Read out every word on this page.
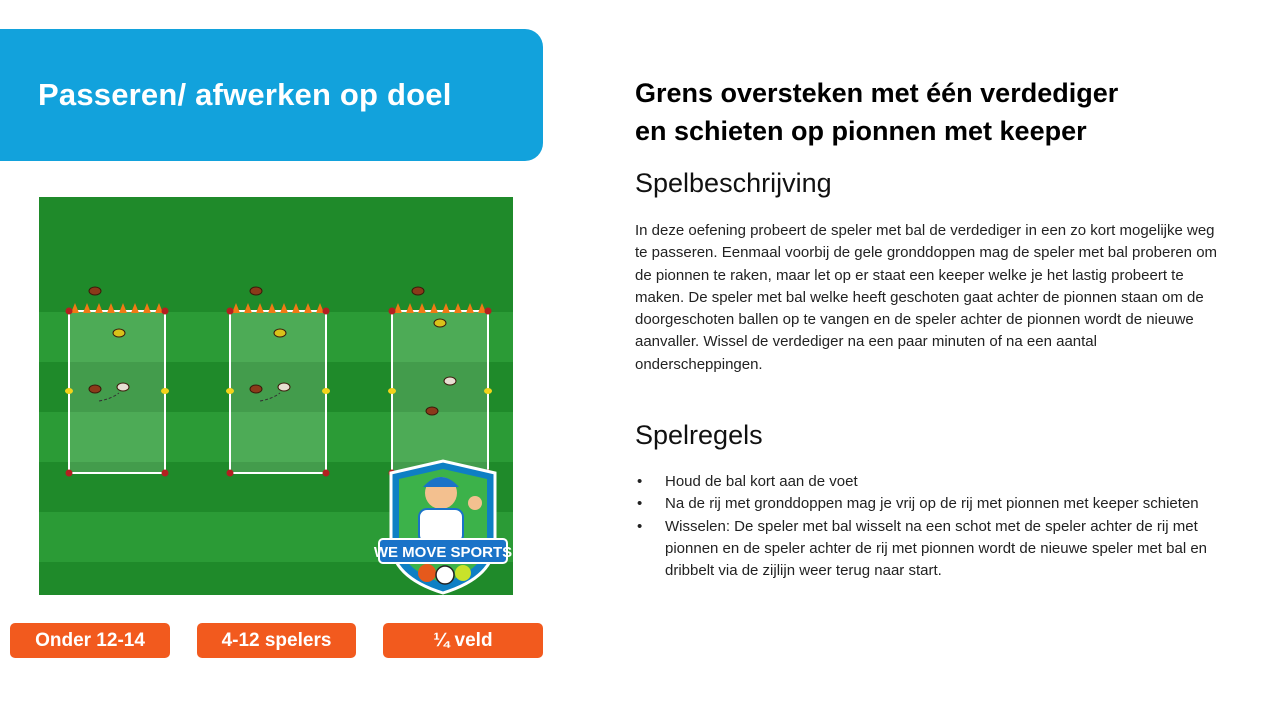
Passeren/ afwerken op doel
WE MOVE SPORTS
Onder 12-14	4-12 spelers	¼ veld
Grens oversteken met één verdediger
en schieten op pionnen met keeper
Spelbeschrijving

In deze oefening probeert de speler met bal de verdediger in een zo kort mogelijke weg te passeren. Eenmaal voorbij de gele gronddoppen mag de speler met bal proberen om de pionnen te raken, maar let op er staat een keeper welke je het lastig probeert te maken. De speler met bal welke heeft geschoten gaat achter de pionnen staan om de doorgeschoten ballen op te vangen en de speler achter de pionnen wordt de nieuwe aanvaller. Wissel de verdediger na een paar minuten of na een aantal onderscheppingen.

Spelregels
• Houd de bal kort aan de voet
• Na de rij met gronddoppen mag je vrij op de rij met pionnen met keeper schieten
• Wisselen: De speler met bal wisselt na een schot met de speler achter de rij met pionnen en de speler achter de rij met pionnen wordt de nieuwe speler met bal en dribbelt via de zijlijn weer terug naar start.
